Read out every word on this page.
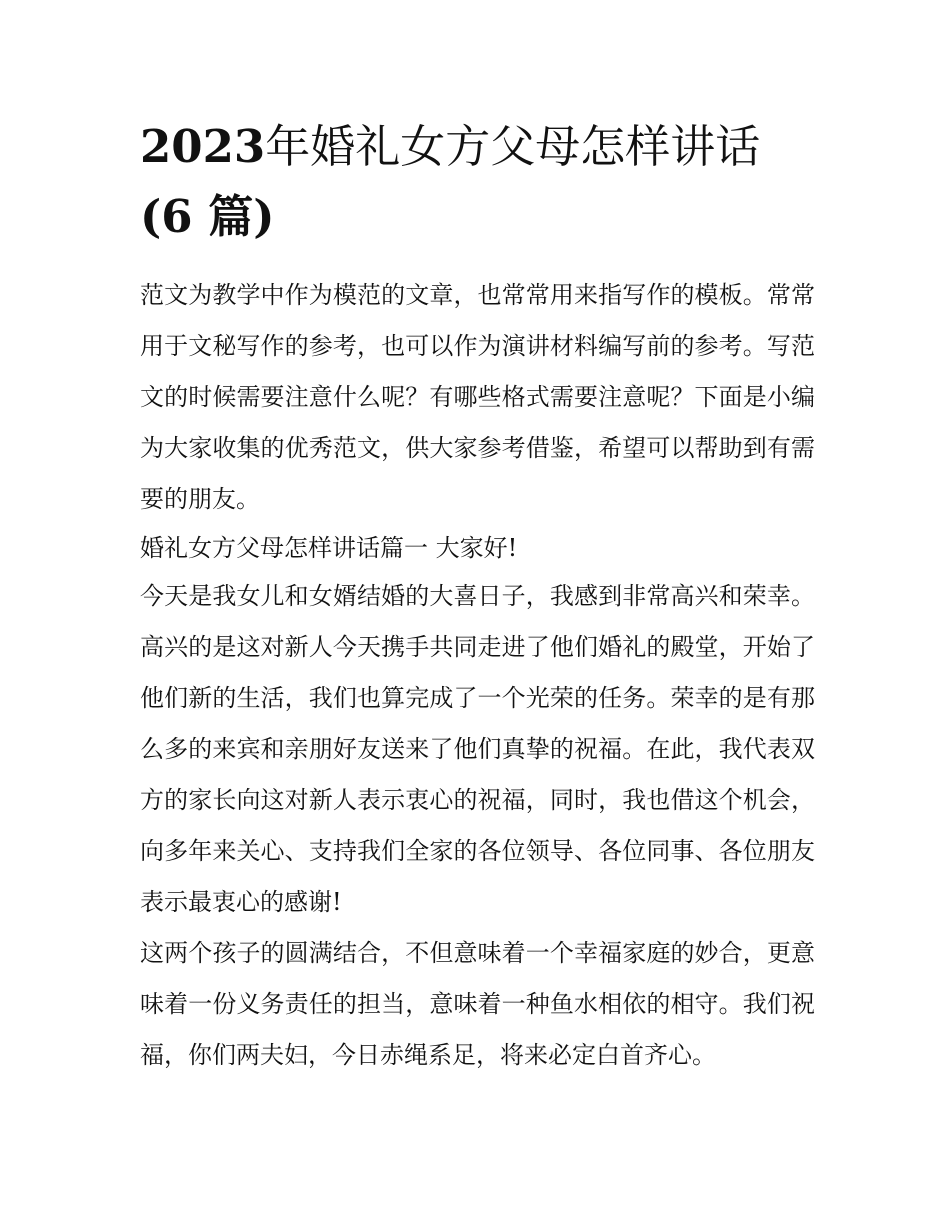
2023年婚礼女方父母怎样讲话
(6 篇)

范文为教学中作为模范的文章，也常常用来指写作的模板。常常用于文秘写作的参考，也可以作为演讲材料编写前的参考。写范文的时候需要注意什么呢？有哪些格式需要注意呢？下面是小编为大家收集的优秀范文，供大家参考借鉴，希望可以帮助到有需要的朋友。

婚礼女方父母怎样讲话篇一 大家好!

今天是我女儿和女婿结婚的大喜日子，我感到非常高兴和荣幸。高兴的是这对新人今天携手共同走进了他们婚礼的殿堂，开始了他们新的生活，我们也算完成了一个光荣的任务。荣幸的是有那么多的来宾和亲朋好友送来了他们真挚的祝福。在此，我代表双方的家长向这对新人表示衷心的祝福，同时，我也借这个机会，向多年来关心、支持我们全家的各位领导、各位同事、各位朋友表示最衷心的感谢!

这两个孩子的圆满结合，不但意味着一个幸福家庭的妙合，更意味着一份义务责任的担当，意味着一种鱼水相依的相守。我们祝福，你们两夫妇，今日赤绳系足，将来必定白首齐心。
